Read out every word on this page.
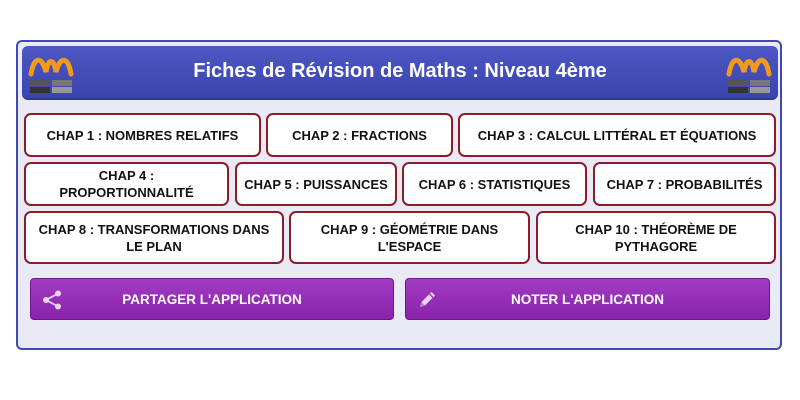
Fiches de Révision de Maths : Niveau 4ème
CHAP 1 : NOMBRES RELATIFS	CHAP 2 : FRACTIONS	CHAP 3 : CALCUL LITTÉRAL ET ÉQUATIONS
CHAP 4 : PROPORTIONNALITÉ
CHAP 5 : PUISSANCES	CHAP 6 : STATISTIQUES	CHAP 7 : PROBABILITÉS
CHAP 8 : TRANSFORMATIONS DANS LE PLAN
CHAP 9 : GÉOMÉTRIE DANS L'ESPACE
CHAP 10 : THÉORÈME DE PYTHAGORE
PARTAGER L'APPLICATION	NOTER L'APPLICATION
